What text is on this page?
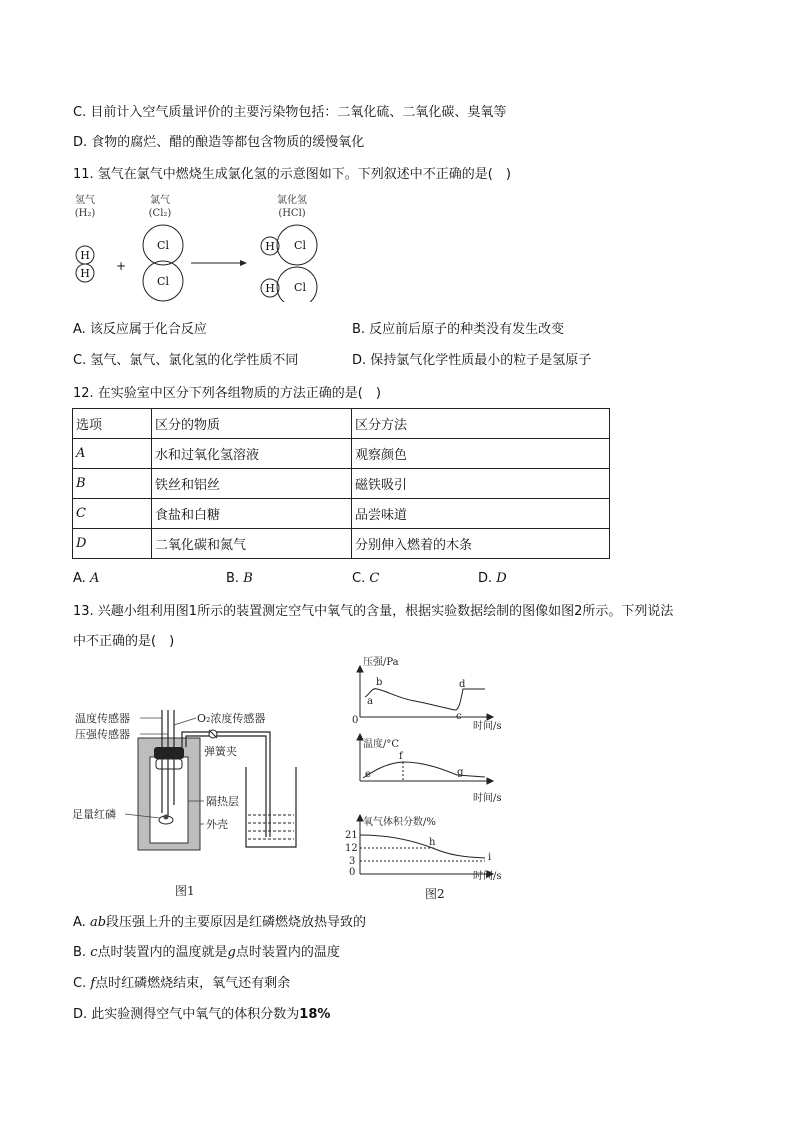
C. 目前计入空气质量评价的主要污染物包括：二氧化硫、二氧化碳、臭氧等
D. 食物的腐烂、醋的酿造等都包含物质的缓慢氧化
11. 氢气在氯气中燃烧生成氯化氢的示意图如下。下列叙述中不正确的是(　)
氢气
(H₂)
氯气
(Cl₂)
氯化氢
(HCl)
H
H
Cl
Cl
H Cl
H Cl
+
A. 该反应属于化合反应	B. 反应前后原子的种类没有发生改变
C. 氢气、氯气、氯化氢的化学性质不同	D. 保持氯气化学性质最小的粒子是氢原子
12. 在实验室中区分下列各组物质的方法正确的是(　)
选项	区分的物质	区分方法
A	水和过氧化氢溶液	观察颜色
B	铁丝和铝丝	磁铁吸引
C	食盐和白糖	品尝味道
D	二氧化碳和氮气	分别伸入燃着的木条
A. A	B. B	C. C	D. D
13. 兴趣小组利用图1所示的装置测定空气中氧气的含量，根据实验数据绘制的图像如图2所示。下列说法
中不正确的是(　)
温度传感器
压强传感器
O₂浓度传感器
弹簧夹
足量红磷
隔热层
外壳
图1
压强/Pa
时间/s
0
a
b
c
d
温度/°C
时间/s
e
f
g
氧气体积分数/%
时间/s
21
12
3
0
h
i
图2
A. ab段压强上升的主要原因是红磷燃烧放热导致的
B. c点时装置内的温度就是g点时装置内的温度
C. f点时红磷燃烧结束，氧气还有剩余
D. 此实验测得空气中氧气的体积分数为18%
